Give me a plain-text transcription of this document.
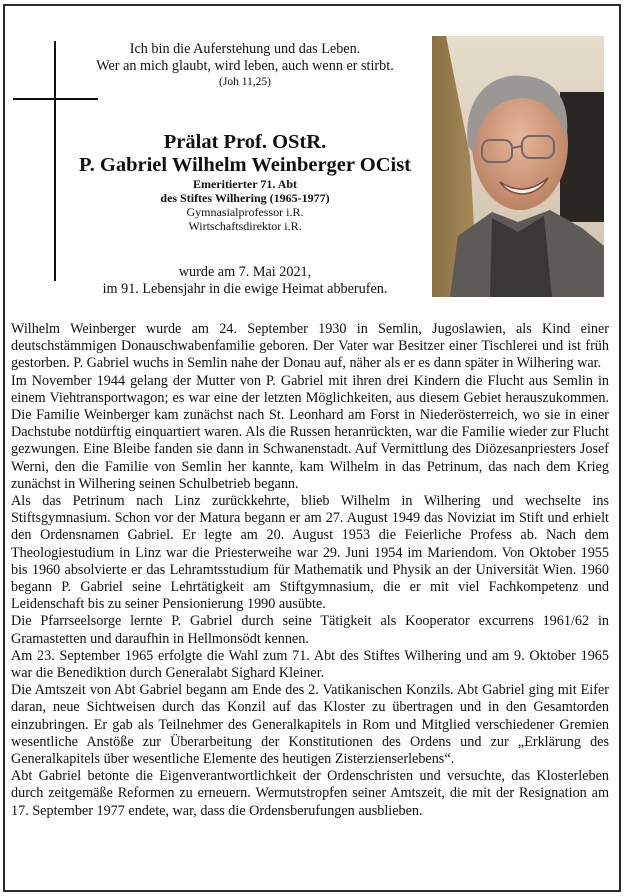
Ich bin die Auferstehung und das Leben.
Wer an mich glaubt, wird leben, auch wenn er stirbt.
(Joh 11,25)
Prälat Prof. OStR.
P. Gabriel Wilhelm Weinberger OCist
Emeritierter 71. Abt
des Stiftes Wilhering (1965-1977)
Gymnasialprofessor i.R.
Wirtschaftsdirektor i.R.
wurde am 7. Mai 2021,
im 91. Lebensjahr in die ewige Heimat abberufen.

Wilhelm Weinberger wurde am 24. September 1930 in Semlin, Jugoslawien, als Kind einer deutschstämmigen Donauschwabenfamilie geboren. Der Vater war Besitzer einer Tischlerei und ist früh gestorben. P. Gabriel wuchs in Semlin nahe der Donau auf, näher als er es dann später in Wilhering war.

Im November 1944 gelang der Mutter von P. Gabriel mit ihren drei Kindern die Flucht aus Semlin in einem Viehtransportwagon; es war eine der letzten Möglichkeiten, aus diesem Gebiet herauszukommen. Die Familie Weinberger kam zunächst nach St. Leonhard am Forst in Niederösterreich, wo sie in einer Dachstube notdürftig einquartiert waren. Als die Russen heranrückten, war die Familie wieder zur Flucht gezwungen. Eine Bleibe fanden sie dann in Schwanenstadt. Auf Vermittlung des Diözesanpriesters Josef Werni, den die Familie von Semlin her kannte, kam Wilhelm in das Petrinum, das nach dem Krieg zunächst in Wilhering seinen Schulbetrieb begann.

Als das Petrinum nach Linz zurückkehrte, blieb Wilhelm in Wilhering und wechselte ins Stiftsgymnasium. Schon vor der Matura begann er am 27. August 1949 das Noviziat im Stift und erhielt den Ordensnamen Gabriel. Er legte am 20. August 1953 die Feierliche Profess ab. Nach dem Theologiestudium in Linz war die Priesterweihe war 29. Juni 1954 im Mariendom. Von Oktober 1955 bis 1960 absolvierte er das Lehramtsstudium für Mathematik und Physik an der Universität Wien. 1960 begann P. Gabriel seine Lehrtätigkeit am Stiftgymnasium, die er mit viel Fachkompetenz und Leidenschaft bis zu seiner Pensionierung 1990 ausübte.

Die Pfarrseelsorge lernte P. Gabriel durch seine Tätigkeit als Kooperator excurrens 1961/62 in Gramastetten und daraufhin in Hellmonsödt kennen.

Am 23. September 1965 erfolgte die Wahl zum 71. Abt des Stiftes Wilhering und am 9. Oktober 1965 war die Benediktion durch Generalabt Sighard Kleiner.

Die Amtszeit von Abt Gabriel begann am Ende des 2. Vatikanischen Konzils. Abt Gabriel ging mit Eifer daran, neue Sichtweisen durch das Konzil auf das Kloster zu übertragen und in den Gesamtorden einzubringen. Er gab als Teilnehmer des Generalkapitels in Rom und Mitglied verschiedener Gremien wesentliche Anstöße zur Überarbeitung der Konstitutionen des Ordens und zur „Erklärung des Generalkapitels über wesentliche Elemente des heutigen Zisterzienserlebens“.

Abt Gabriel betonte die Eigenverantwortlichkeit der Ordenschristen und versuchte, das Klosterleben durch zeitgemäße Reformen zu erneuern. Wermutstropfen seiner Amtszeit, die mit der Resignation am 17. September 1977 endete, war, dass die Ordensberufungen ausblieben.
